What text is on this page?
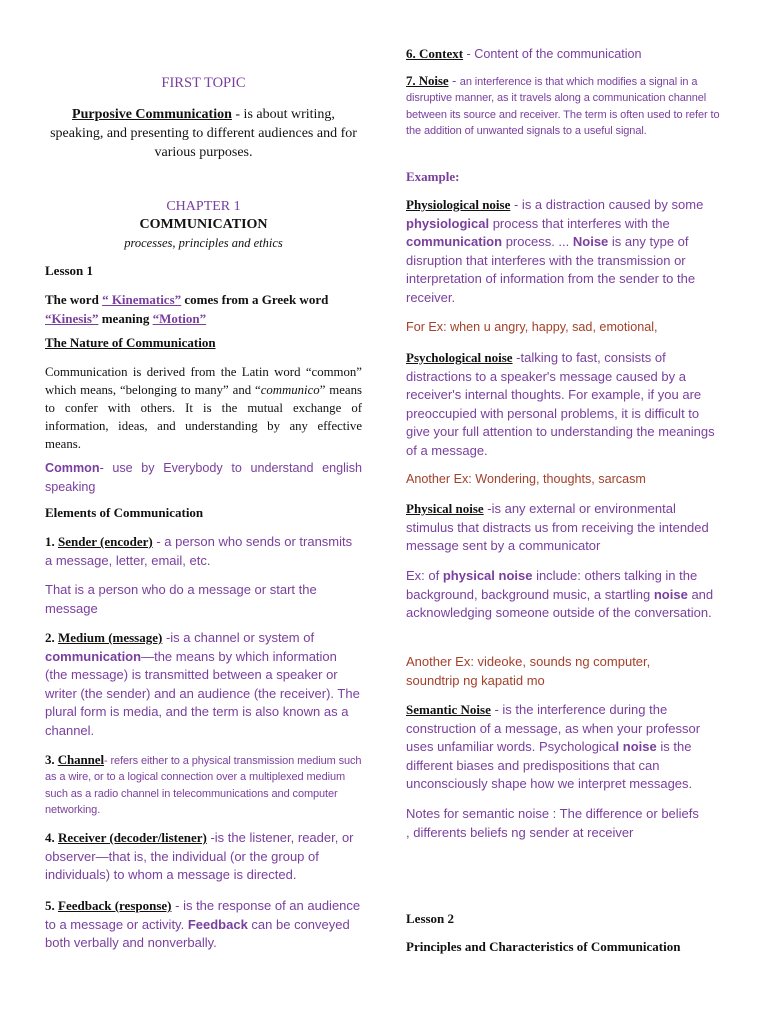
FIRST TOPIC
Purposive Communication - is about writing, speaking, and presenting to different audiences and for various purposes.
CHAPTER 1
COMMUNICATION
processes, principles and ethics
Lesson 1
The word “ Kinematics” comes from a Greek word
“Kinesis” meaning “Motion”
The Nature of Communication
Communication is derived from the Latin word “common” which means, “belonging to many” and “communico” means to confer with others. It is the mutual exchange of information, ideas, and understanding by any effective means.
Common- use by Everybody to understand english speaking
Elements of Communication
1. Sender (encoder) - a person who sends or transmits a message, letter, email, etc.
That is a person who do a message or start the message
2. Medium (message) -is a channel or system of communication—the means by which information (the message) is transmitted between a speaker or writer (the sender) and an audience (the receiver). The plural form is media, and the term is also known as a channel.
3. Channel- refers either to a physical transmission medium such as a wire, or to a logical connection over a multiplexed medium such as a radio channel in telecommunications and computer networking.
4. Receiver (decoder/listener) -is the listener, reader, or observer—that is, the individual (or the group of individuals) to whom a message is directed.
5. Feedback (response) - is the response of an audience to a message or activity. Feedback can be conveyed both verbally and nonverbally.
6. Context - Content of the communication
7. Noise - an interference is that which modifies a signal in a disruptive manner, as it travels along a communication channel between its source and receiver. The term is often used to refer to the addition of unwanted signals to a useful signal.
Example:
Physiological noise - is a distraction caused by some physiological process that interferes with the communication process. ... Noise is any type of disruption that interferes with the transmission or interpretation of information from the sender to the receiver.
For Ex: when u angry, happy, sad, emotional,
Psychological noise -talking to fast, consists of distractions to a speaker's message caused by a receiver's internal thoughts. For example, if you are preoccupied with personal problems, it is difficult to give your full attention to understanding the meanings of a message.
Another Ex: Wondering, thoughts, sarcasm
Physical noise -is any external or environmental stimulus that distracts us from receiving the intended message sent by a communicator
Ex: of physical noise include: others talking in the background, background music, a startling noise and acknowledging someone outside of the conversation.
Another Ex: videoke, sounds ng computer, soundtrip ng kapatid mo
Semantic Noise - is the interference during the construction of a message, as when your professor uses unfamiliar words. Psychological noise is the different biases and predispositions that can unconsciously shape how we interpret messages.
Notes for semantic noise : The difference or beliefs , differents beliefs ng sender at receiver
Lesson 2
Principles and Characteristics of Communication
